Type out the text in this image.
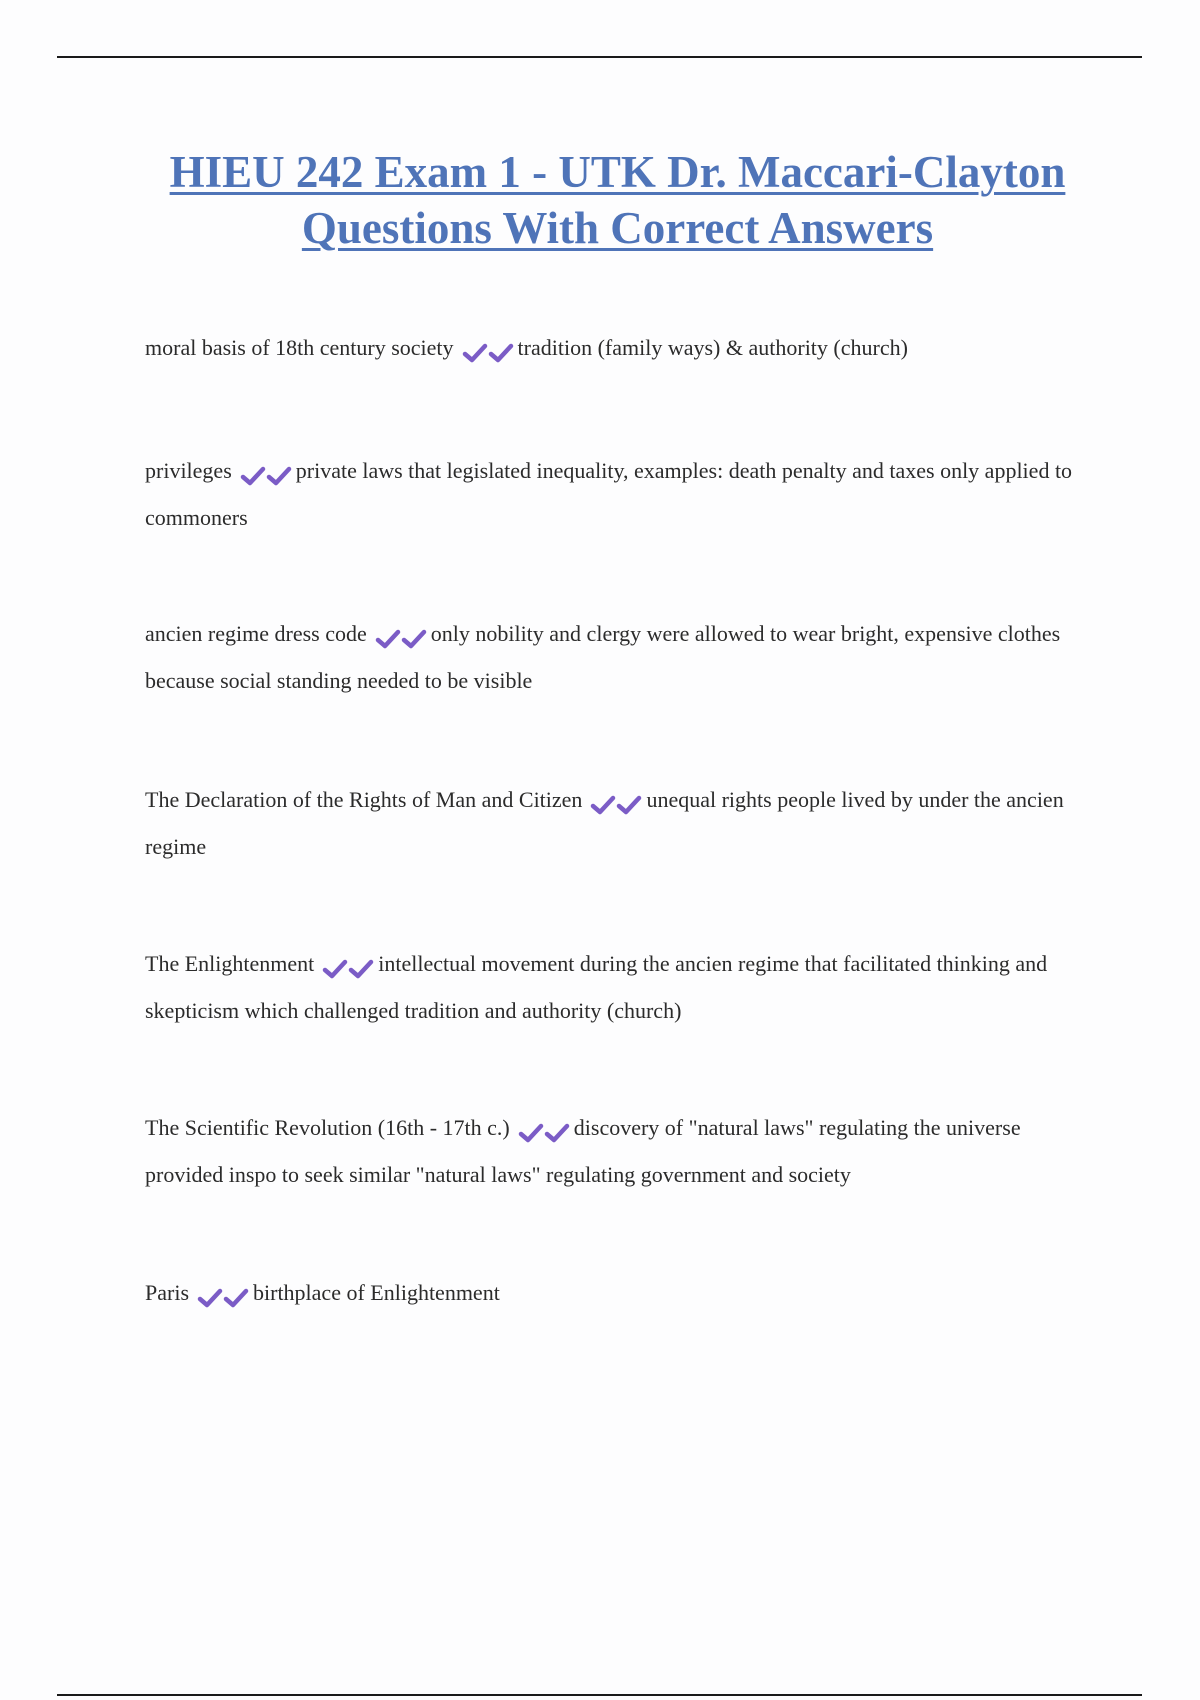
HIEU 242 Exam 1 - UTK Dr. Maccari-Clayton Questions With Correct Answers
moral basis of 18th century society	tradition (family ways) & authority (church)
privileges	private laws that legislated inequality, examples: death penalty and taxes only applied to commoners
ancien regime dress code	only nobility and clergy were allowed to wear bright, expensive clothes because social standing needed to be visible
The Declaration of the Rights of Man and Citizen	unequal rights people lived by under the ancien regime
The Enlightenment	intellectual movement during the ancien regime that facilitated thinking and skepticism which challenged tradition and authority (church)
The Scientific Revolution (16th - 17th c.)	discovery of "natural laws" regulating the universe provided inspo to seek similar "natural laws" regulating government and society
Paris	birthplace of Enlightenment
